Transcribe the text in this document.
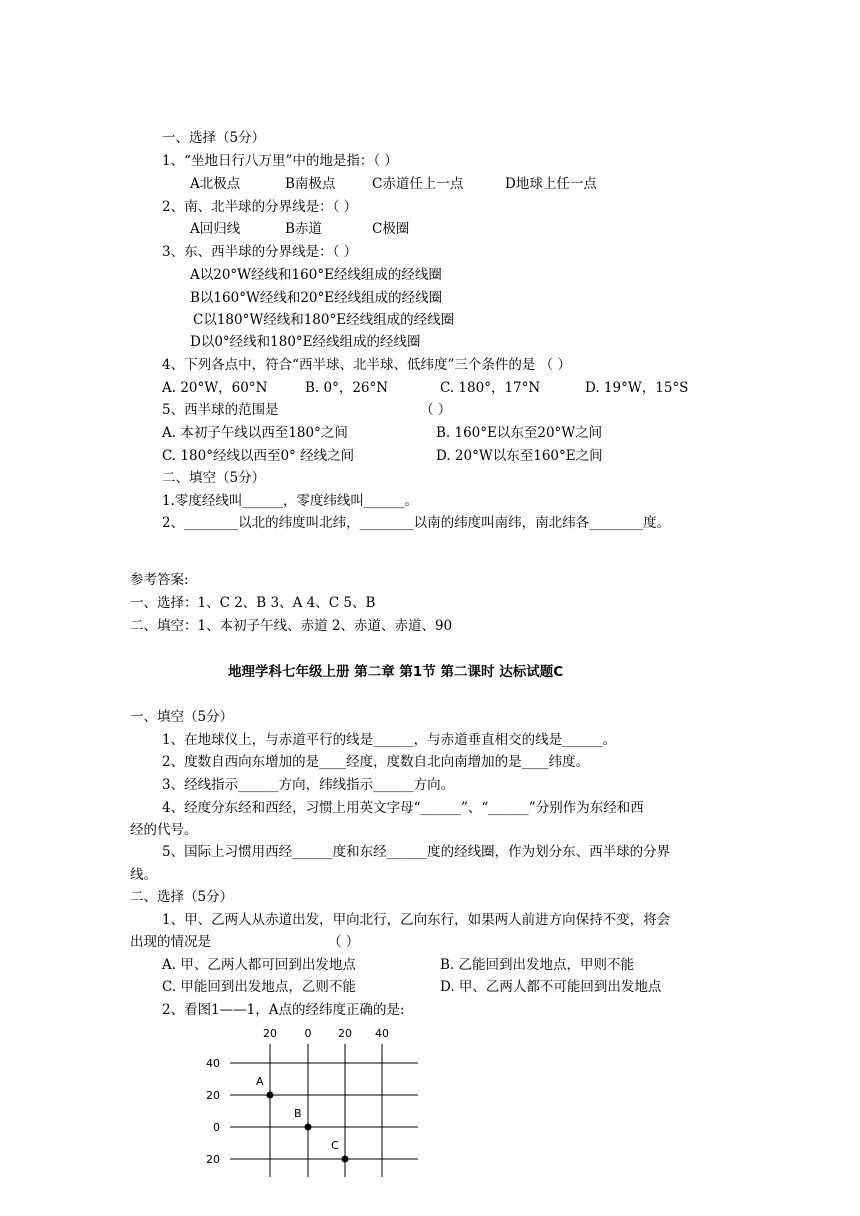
一、选择（5分）
1、“坐地日行八万里”中的地是指：（ ）
A北极点	B南极点	C赤道任上一点	D地球上任一点
2、南、北半球的分界线是：（ ）
A回归线	B赤道	C极圈
3、东、西半球的分界线是：（ ）
A以20°W经线和160°E经线组成的经线圈
B以160°W经线和20°E经线组成的经线圈
C以180°W经线和180°E经线组成的经线圈
D以0°经线和180°E经线组成的经线圈
4、下列各点中，符合“西半球、北半球、低纬度”三个条件的是 （ ）
A. 20°W，60°N	B. 0°，26°N	C. 180°，17°N	D. 19°W，15°S
5、西半球的范围是	（ ）
A. 本初子午线以西至180°之间	B. 160°E以东至20°W之间
C. 180°经线以西至0° 经线之间	D. 20°W以东至160°E之间
二、填空（5分）
1.零度经线叫______，零度纬线叫______。
2、________以北的纬度叫北纬，________以南的纬度叫南纬，南北纬各________度。
参考答案:
一、选择：1、C 2、B 3、A 4、C 5、B
二、填空：1、本初子午线、赤道 2、赤道、赤道、90
地理学科七年级上册 第二章 第1节 第二课时 达标试题C
一、填空（5分）
1、在地球仪上，与赤道平行的线是______，与赤道垂直相交的线是______。
2、度数自西向东增加的是____经度，度数自北向南增加的是____纬度。
3、经线指示______方向，纬线指示______方向。
4、经度分东经和西经，习惯上用英文字母“______”、“______”分别作为东经和西
经的代号。
5、国际上习惯用西经______度和东经______度的经线圈，作为划分东、西半球的分界
线。
二、选择（5分）
1、甲、乙两人从赤道出发，甲向北行，乙向东行，如果两人前进方向保持不变，将会
出现的情况是	（ ）
A. 甲、乙两人都可回到出发地点	B. 乙能回到出发地点，甲则不能
C. 甲能回到出发地点，乙则不能	D. 甲、乙两人都不可能回到出发地点
2、看图1——1，A点的经纬度正确的是:
20	0 20 40
40
20
0
20
A
B
C
